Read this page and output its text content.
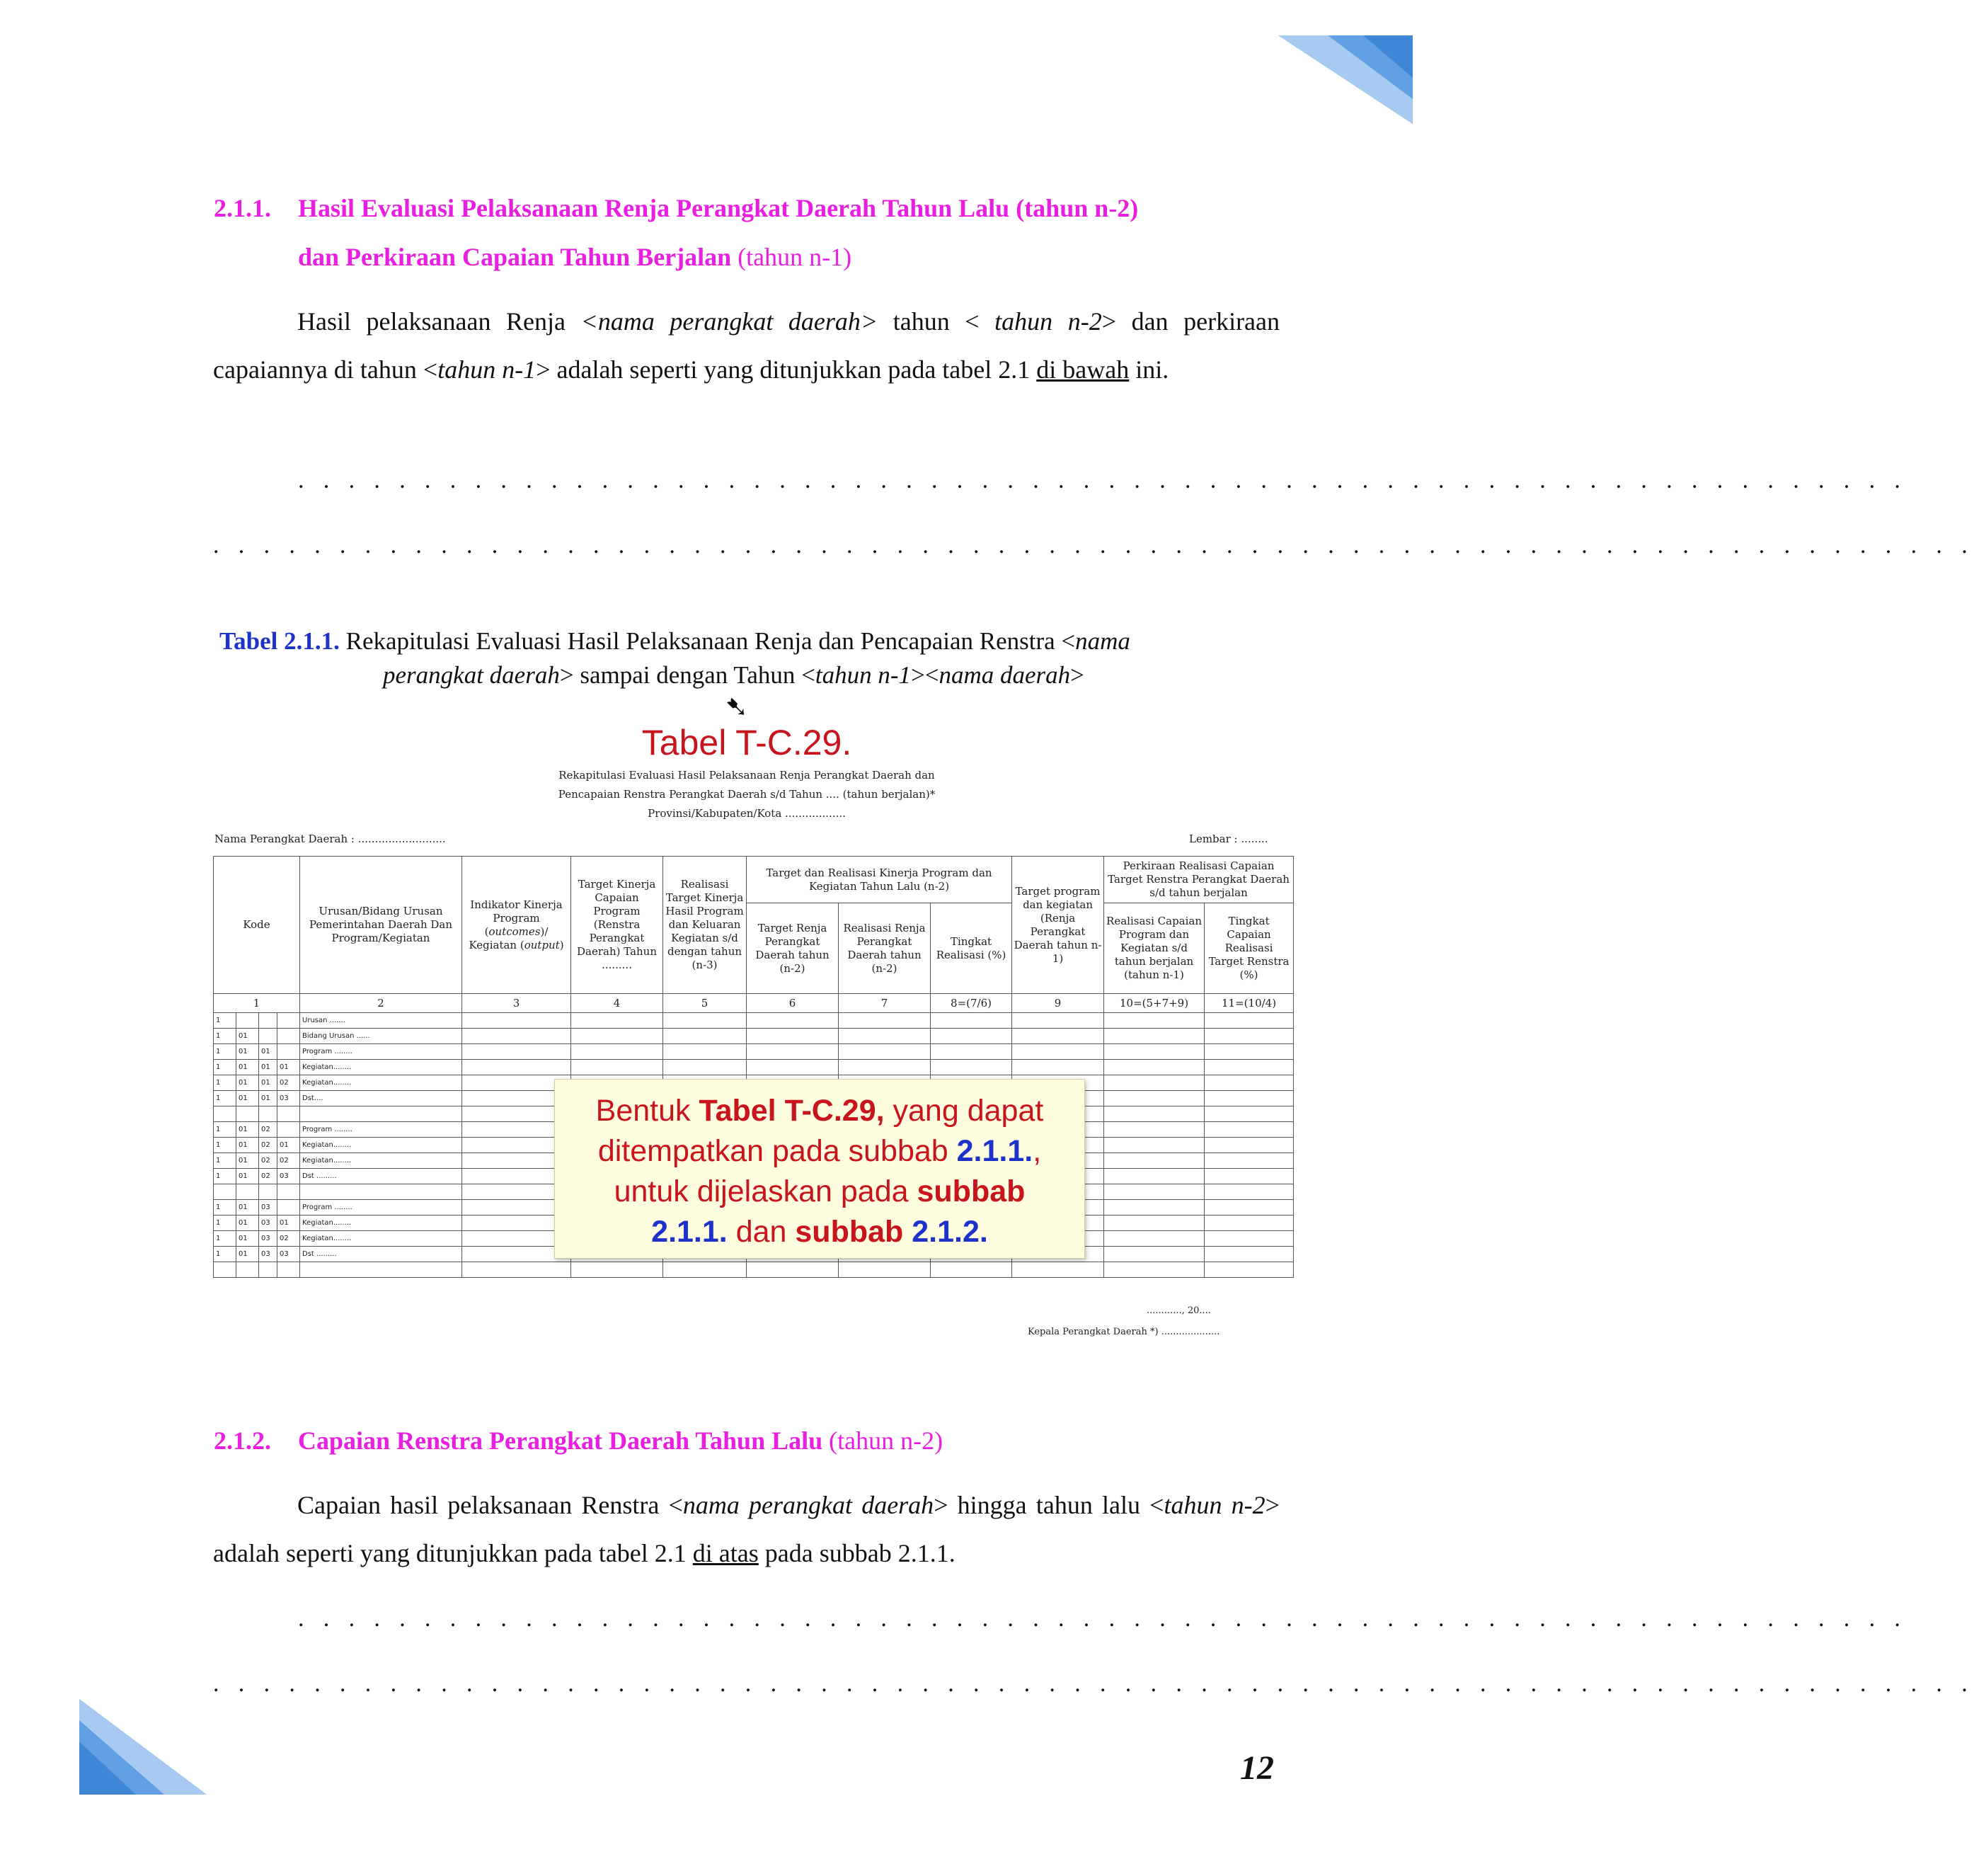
2.1.1. Hasil Evaluasi Pelaksanaan Renja Perangkat Daerah Tahun Lalu (tahun n-2)
dan Perkiraan Capaian Tahun Berjalan (tahun n-1)
Hasil pelaksanaan Renja <nama perangkat daerah> tahun < tahun n-2> dan perkiraan capaiannya di tahun <tahun n-1> adalah seperti yang ditunjukkan pada tabel 2.1 di bawah ini.
. . . . . . . . . . . . . . . . . . . . . . . . . . . . . . . . . . . . . . . . . . . . . . . . . . . . . . . . . . . . . . . .
. . . . . . . . . . . . . . . . . . . . . . . . . . . . . . . . . . . . . . . . . . . . . . . . . . . . . . . . . . . . . . . . . . . . . .
Tabel 2.1.1. Rekapitulasi Evaluasi Hasil Pelaksanaan Renja dan Pencapaian Renstra <nama
perangkat daerah> sampai dengan Tahun <tahun n-1><nama daerah>
➷
Tabel T-C.29.
Rekapitulasi Evaluasi Hasil Pelaksanaan Renja Perangkat Daerah dan
Pencapaian Renstra Perangkat Daerah s/d Tahun .... (tahun berjalan)*
Provinsi/Kabupaten/Kota ..................
Nama Perangkat Daerah : ..........................	Lembar : ........
Kode				Urusan/Bidang Urusan Pemerintahan Daerah Dan Program/Kegiatan	Indikator Kinerja Program (outcomes)/ Kegiatan (output)	Target Kinerja Capaian Program (Renstra Perangkat Daerah) Tahun .........	Realisasi Target Kinerja Hasil Program dan Keluaran Kegiatan s/d dengan tahun (n-3)	Target dan Realisasi Kinerja Program dan Kegiatan Tahun Lalu (n-2)			Target program dan kegiatan (Renja Perangkat Daerah tahun n-1)	Perkiraan Realisasi Capaian Target Renstra Perangkat Daerah s/d tahun berjalan	
								Target Renja Perangkat Daerah tahun (n-2)	Realisasi Renja Perangkat Daerah tahun (n-2)	Tingkat Realisasi (%)		Realisasi Capaian Program dan Kegiatan s/d tahun berjalan (tahun n-1)	Tingkat Capaian Realisasi Target Renstra (%)
1				2	3	4	5	6	7	8=(7/6)	9	10=(5+7+9)	11=(10/4)
1				Urusan .......									
1	01			Bidang Urusan ......									
1	01	01		Program ........									
1	01	01	01	Kegiatan........									
1	01	01	02	Kegiatan........									
1	01	01	03	Dst....									

1	01	02		Program ........									
1	01	02	01	Kegiatan........									
1	01	02	02	Kegiatan........									
1	01	02	03	Dst .........									

1	01	03		Program ........									
1	01	03	01	Kegiatan........									
1	01	03	02	Kegiatan........									
1	01	03	03	Dst .........									

Bentuk Tabel T-C.29, yang dapat
ditempatkan pada subbab 2.1.1.,
untuk dijelaskan pada subbab
2.1.1. dan subbab 2.1.2.
............, 20....
Kepala Perangkat Daerah *) ....................
2.1.2. Capaian Renstra Perangkat Daerah Tahun Lalu (tahun n-2)
Capaian hasil pelaksanaan Renstra <nama perangkat daerah> hingga tahun lalu <tahun n-2> adalah seperti yang ditunjukkan pada tabel 2.1 di atas pada subbab 2.1.1.
. . . . . . . . . . . . . . . . . . . . . . . . . . . . . . . . . . . . . . . . . . . . . . . . . . . . . . . . . . . . . . . .
. . . . . . . . . . . . . . . . . . . . . . . . . . . . . . . . . . . . . . . . . . . . . . . . . . . . . . . . . . . . . . . . . . . . . .
12
